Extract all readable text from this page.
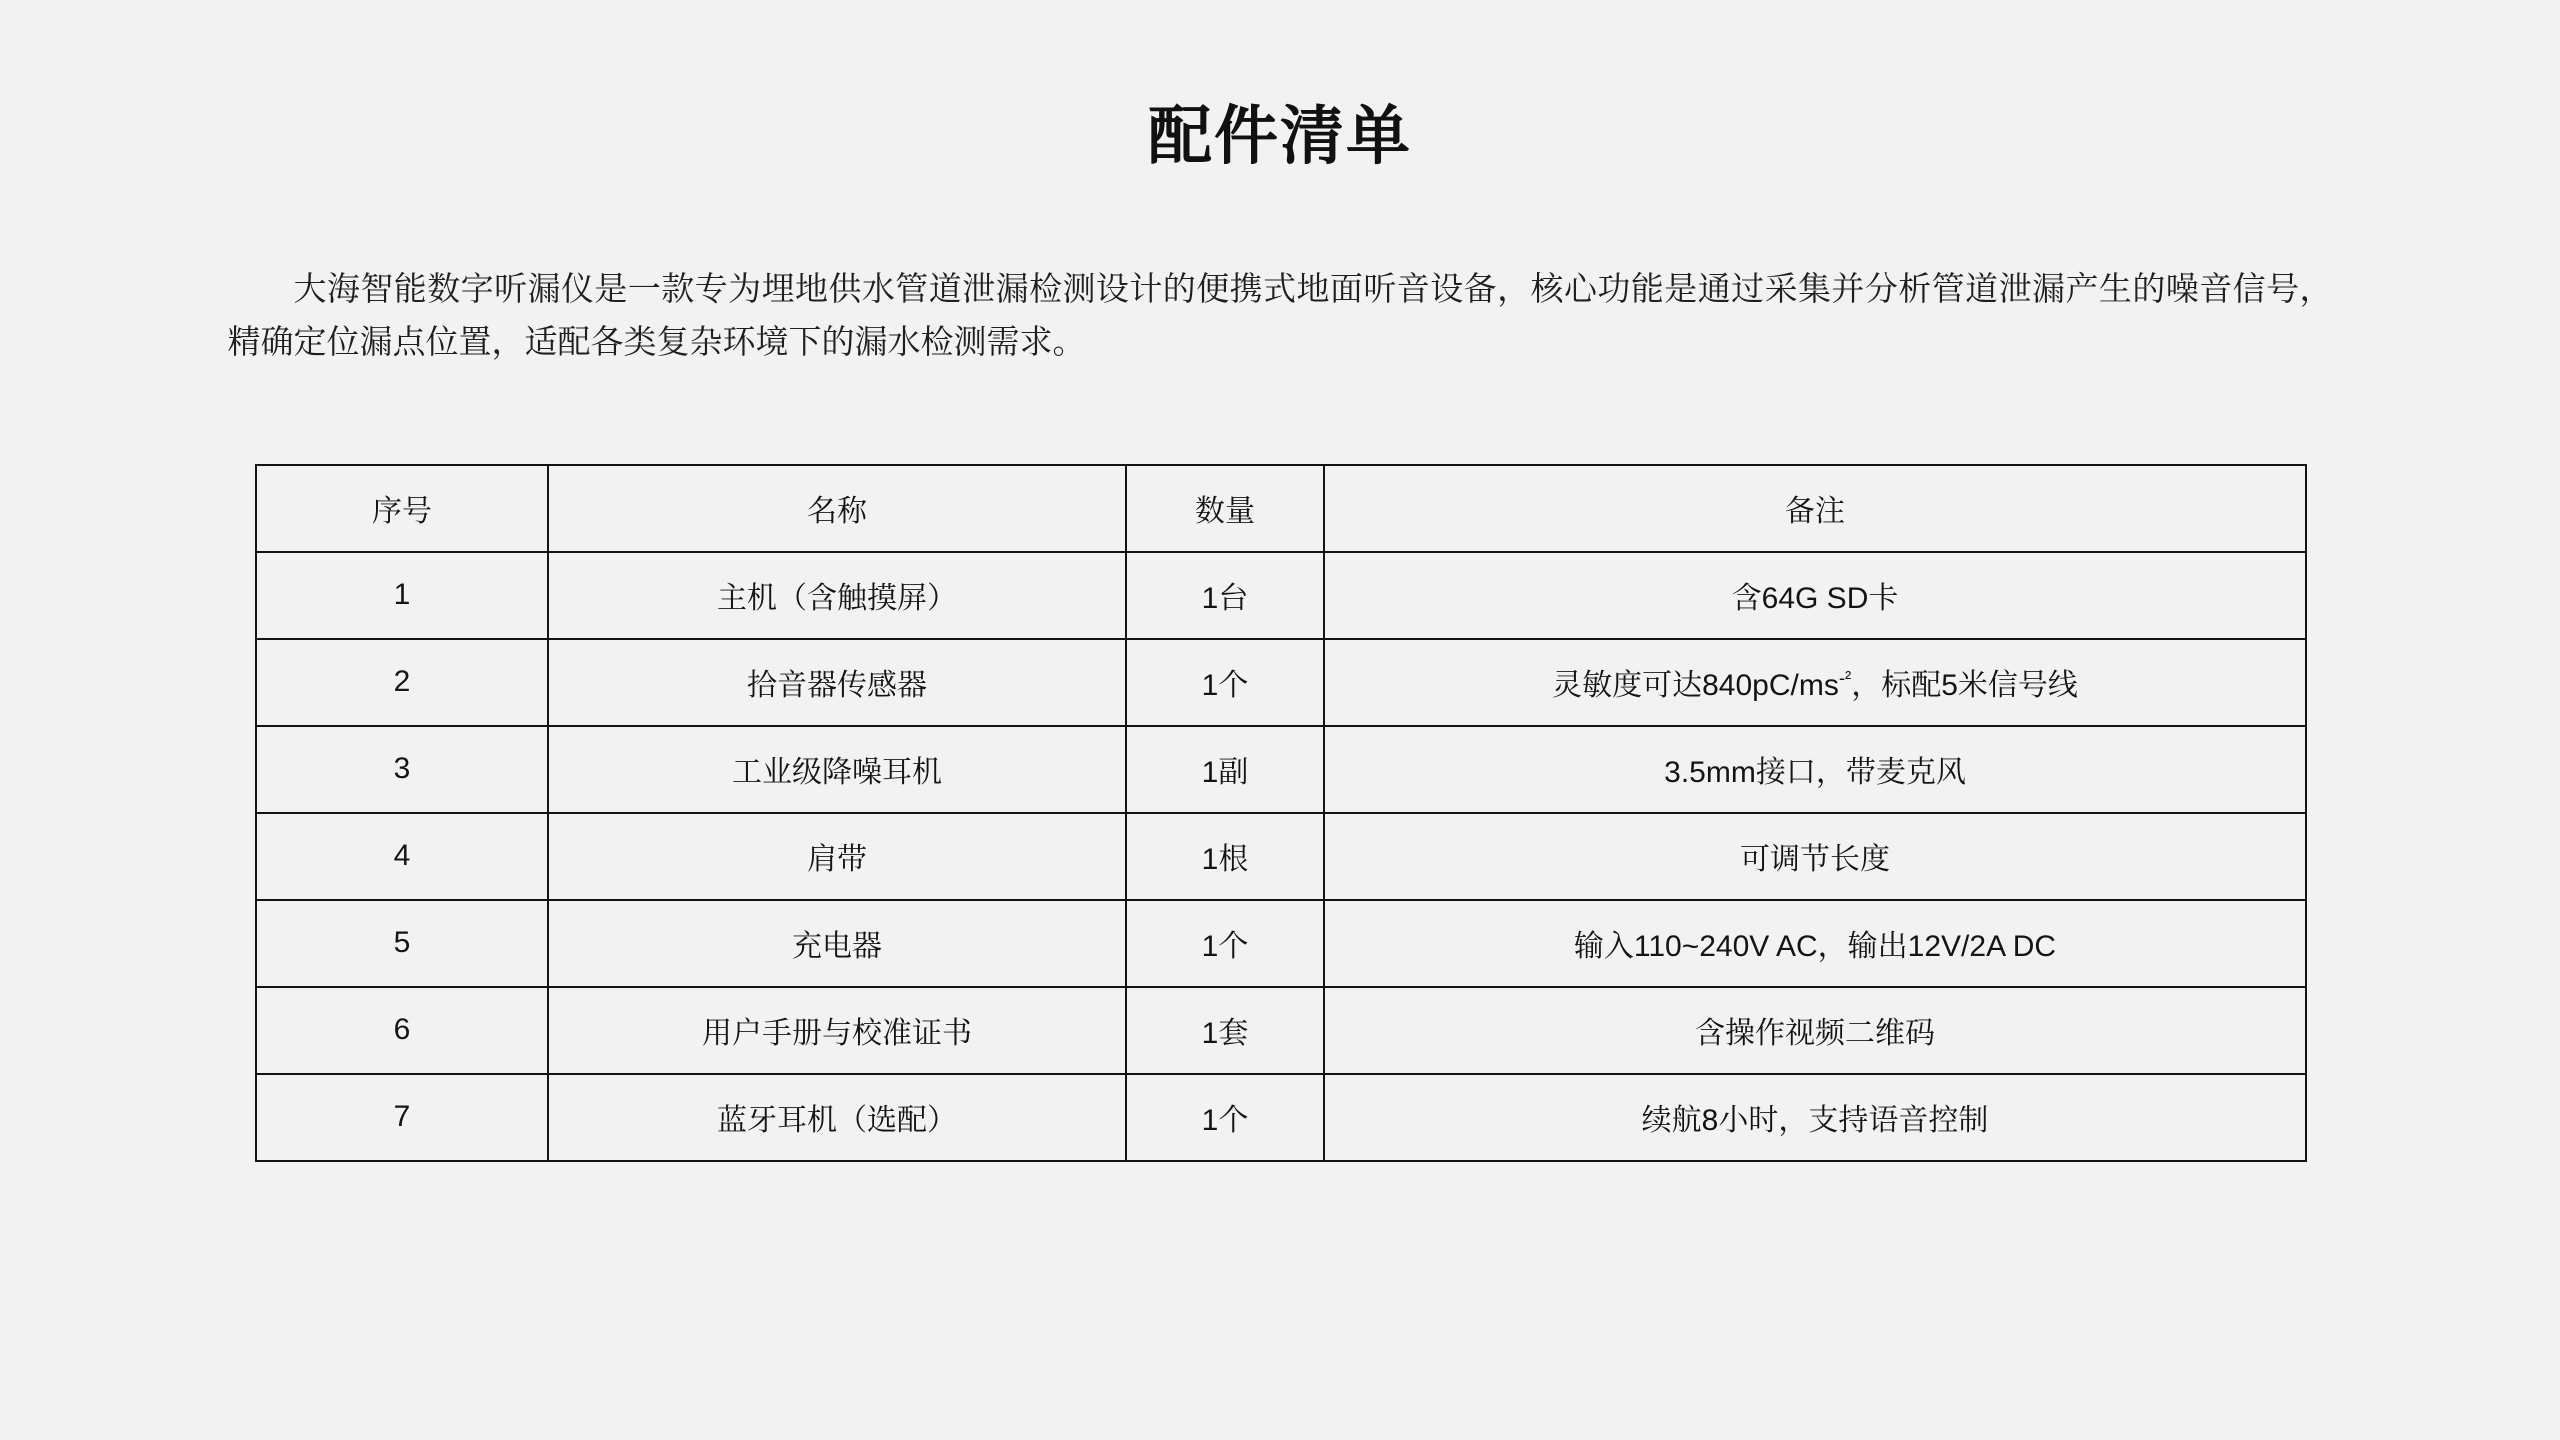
配件清单

大海智能数字听漏仪是一款专为埋地供水管道泄漏检测设计的便携式地面听音设备，核心功能是通过采集并分析管道泄漏产生的噪音信号，精确定位漏点位置，适配各类复杂环境下的漏水检测需求。

序号	名称	数量	备注
1	主机（含触摸屏）	1台	含64G SD卡
2	拾音器传感器	1个	灵敏度可达$840pC/ms^{-^2}$，标配5米信号线
3	工业级降噪耳机	1副	3.5mm接口，带麦克风
4	肩带	1根	可调节长度
5	充电器	1个	输入110~240V AC，输出12V/2A DC
6	用户手册与校准证书	1套	含操作视频二维码
7	蓝牙耳机（选配）	1个	续航8小时，支持语音控制
